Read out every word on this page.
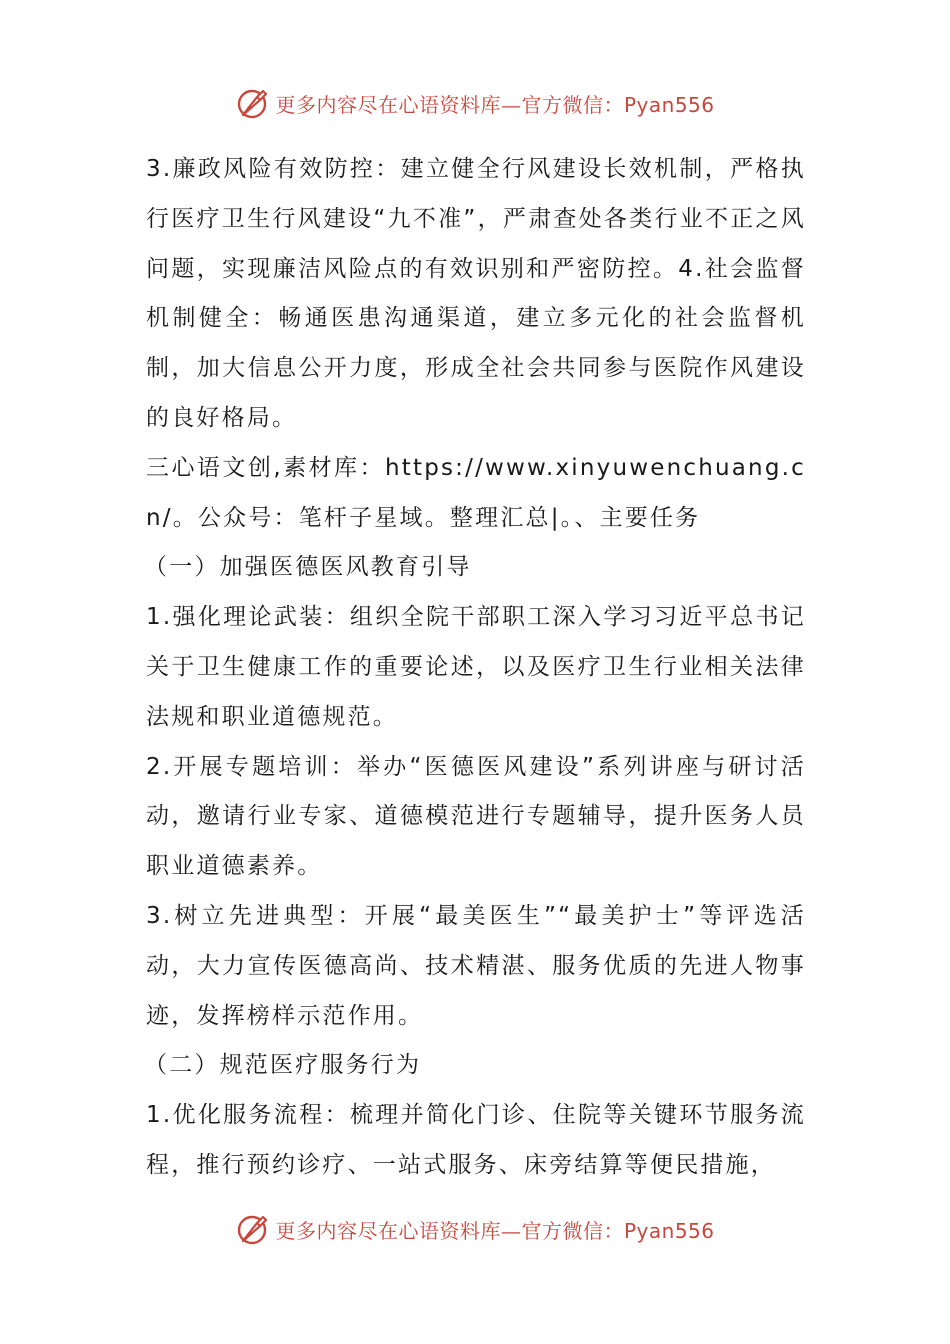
更多内容尽在心语资料库—官方微信：Pyan556

3.廉政风险有效防控：建立健全行风建设长效机制，严格执行医疗卫生行风建设“九不准”，严肃查处各类行业不正之风问题，实现廉洁风险点的有效识别和严密防控。4.社会监督机制健全：畅通医患沟通渠道，建立多元化的社会监督机制，加大信息公开力度，形成全社会共同参与医院作风建设的良好格局。

三心语文创,素材库：https://www.xinyuwenchuang.cn/。公众号：笔杆子星域。整理汇总|。、主要任务

（一）加强医德医风教育引导

1.强化理论武装：组织全院干部职工深入学习习近平总书记关于卫生健康工作的重要论述，以及医疗卫生行业相关法律法规和职业道德规范。

2.开展专题培训：举办“医德医风建设”系列讲座与研讨活动，邀请行业专家、道德模范进行专题辅导，提升医务人员职业道德素养。

3.树立先进典型：开展“最美医生”“最美护士”等评选活动，大力宣传医德高尚、技术精湛、服务优质的先进人物事迹，发挥榜样示范作用。

（二）规范医疗服务行为

1.优化服务流程：梳理并简化门诊、住院等关键环节服务流程，推行预约诊疗、一站式服务、床旁结算等便民措施，

更多内容尽在心语资料库—官方微信：Pyan556
